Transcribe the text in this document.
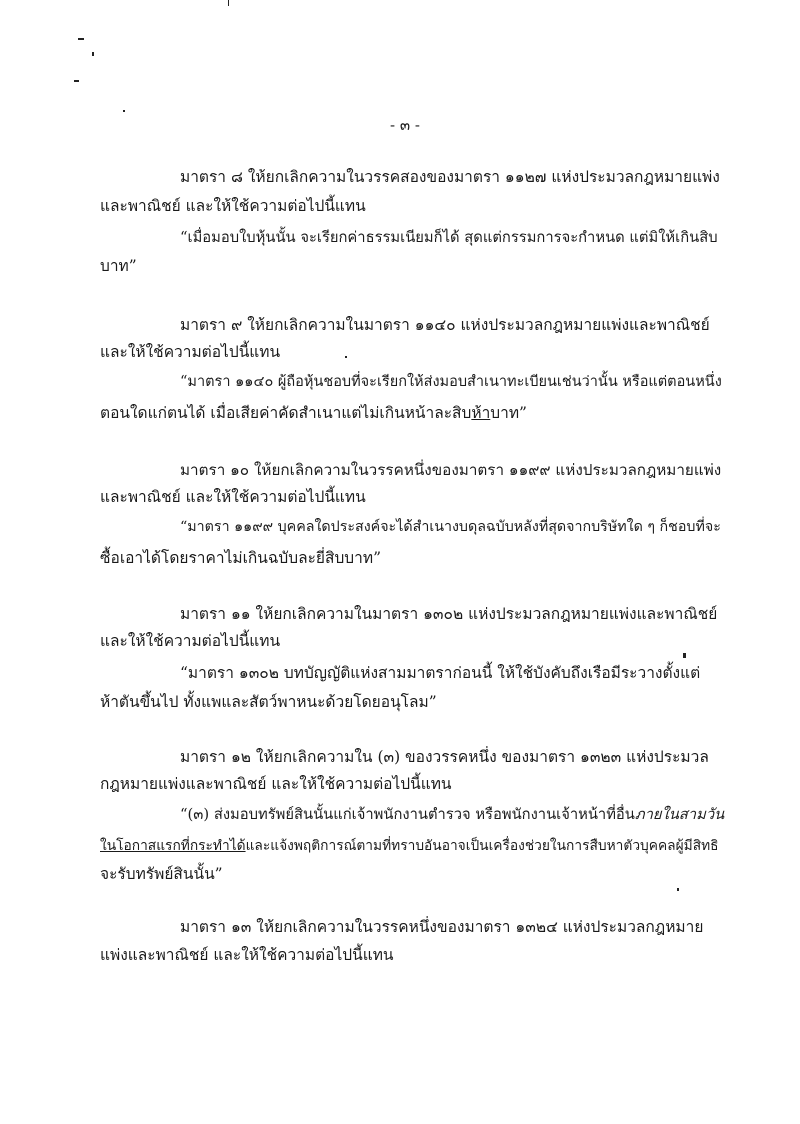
- ๓ -
มาตรา ๘ ให้ยกเลิกความในวรรคสองของมาตรา ๑๑๒๗ แห่งประมวลกฎหมายแพ่ง
และพาณิชย์ และให้ใช้ความต่อไปนี้แทน
“เมื่อมอบใบหุ้นนั้น จะเรียกค่าธรรมเนียมก็ได้ สุดแต่กรรมการจะกำหนด แต่มิให้เกินสิบ
บาท”
มาตรา ๙ ให้ยกเลิกความในมาตรา ๑๑๔๐ แห่งประมวลกฎหมายแพ่งและพาณิชย์
และให้ใช้ความต่อไปนี้แทน
“มาตรา ๑๑๔๐ ผู้ถือหุ้นชอบที่จะเรียกให้ส่งมอบสำเนาทะเบียนเช่นว่านั้น หรือแต่ตอนหนึ่ง
ตอนใดแก่ตนได้ เมื่อเสียค่าคัดสำเนาแต่ไม่เกินหน้าละสิบห้าบาท”
มาตรา ๑๐ ให้ยกเลิกความในวรรคหนึ่งของมาตรา ๑๑๙๙ แห่งประมวลกฎหมายแพ่ง
และพาณิชย์ และให้ใช้ความต่อไปนี้แทน
“มาตรา ๑๑๙๙ บุคคลใดประสงค์จะได้สำเนางบดุลฉบับหลังที่สุดจากบริษัทใด ๆ ก็ชอบที่จะ
ซื้อเอาได้โดยราคาไม่เกินฉบับละยี่สิบบาท”
มาตรา ๑๑ ให้ยกเลิกความในมาตรา ๑๓๐๒ แห่งประมวลกฎหมายแพ่งและพาณิชย์
และให้ใช้ความต่อไปนี้แทน
“มาตรา ๑๓๐๒ บทบัญญัติแห่งสามมาตราก่อนนี้ ให้ใช้บังคับถึงเรือมีระวางตั้งแต่
ห้าตันขึ้นไป ทั้งแพและสัตว์พาหนะด้วยโดยอนุโลม”
มาตรา ๑๒ ให้ยกเลิกความใน (๓) ของวรรคหนึ่ง ของมาตรา ๑๓๒๓ แห่งประมวล
กฎหมายแพ่งและพาณิชย์ และให้ใช้ความต่อไปนี้แทน
“(๓) ส่งมอบทรัพย์สินนั้นแก่เจ้าพนักงานตำรวจ หรือพนักงานเจ้าหน้าที่อื่นภายในสามวัน
ในโอกาสแรกที่กระทำได้และแจ้งพฤติการณ์ตามที่ทราบอันอาจเป็นเครื่องช่วยในการสืบหาตัวบุคคลผู้มีสิทธิ
จะรับทรัพย์สินนั้น”
มาตรา ๑๓ ให้ยกเลิกความในวรรคหนึ่งของมาตรา ๑๓๒๔ แห่งประมวลกฎหมาย
แพ่งและพาณิชย์ และให้ใช้ความต่อไปนี้แทน
